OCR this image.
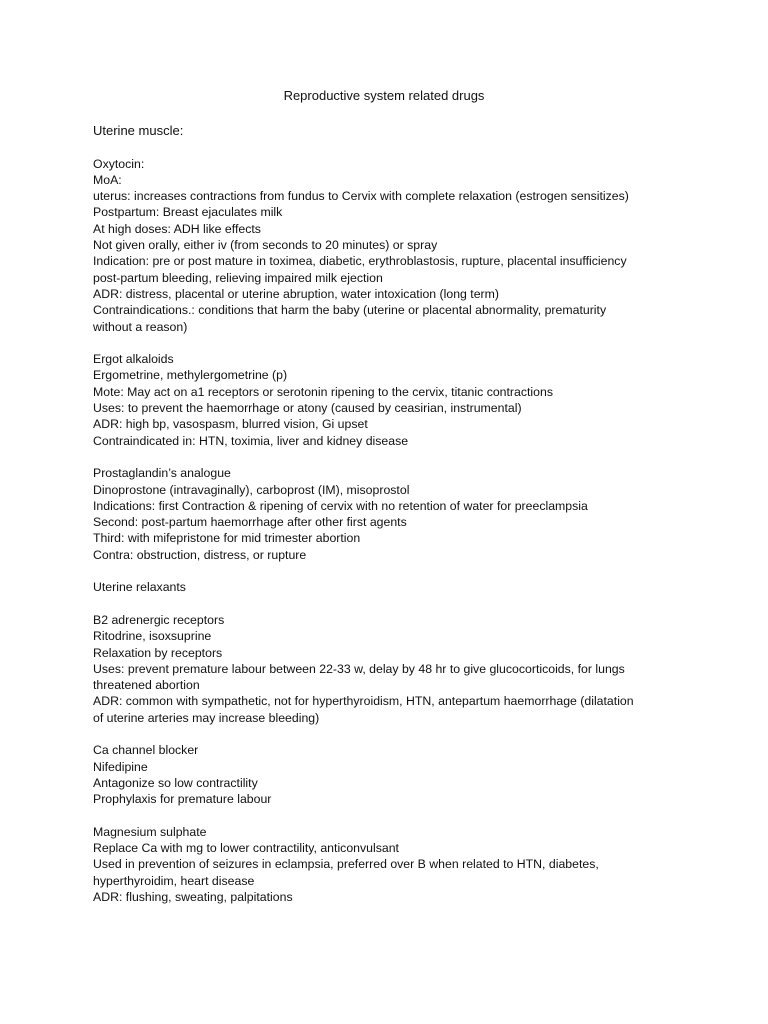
Reproductive system related drugs
Uterine muscle:
Oxytocin:
MoA:
uterus: increases contractions from fundus to Cervix with complete relaxation (estrogen sensitizes)
Postpartum: Breast ejaculates milk
At high doses: ADH like effects
Not given orally, either iv (from seconds to 20 minutes) or spray
Indication: pre or post mature in toximea, diabetic, erythroblastosis, rupture, placental insufficiency
post-partum bleeding, relieving impaired milk ejection
ADR: distress, placental or uterine abruption, water intoxication (long term)
Contraindications.: conditions that harm the baby (uterine or placental abnormality, prematurity
without a reason)
Ergot alkaloids
Ergometrine, methylergometrine (p)
Mote: May act on a1 receptors or serotonin ripening to the cervix, titanic contractions
Uses: to prevent the haemorrhage or atony (caused by ceasirian, instrumental)
ADR: high bp, vasospasm, blurred vision, Gi upset
Contraindicated in: HTN, toximia, liver and kidney disease
Prostaglandin’s analogue
Dinoprostone (intravaginally), carboprost (IM), misoprostol
Indications: first Contraction & ripening of cervix with no retention of water for preeclampsia
Second: post-partum haemorrhage after other first agents
Third: with mifepristone for mid trimester abortion
Contra: obstruction, distress, or rupture
Uterine relaxants
B2 adrenergic receptors
Ritodrine, isoxsuprine
Relaxation by receptors
Uses: prevent premature labour between 22-33 w, delay by 48 hr to give glucocorticoids, for lungs
threatened abortion
ADR: common with sympathetic, not for hyperthyroidism, HTN, antepartum haemorrhage (dilatation
of uterine arteries may increase bleeding)
Ca channel blocker
Nifedipine
Antagonize so low contractility
Prophylaxis for premature labour
Magnesium sulphate
Replace Ca with mg to lower contractility, anticonvulsant
Used in prevention of seizures in eclampsia, preferred over B when related to HTN, diabetes,
hyperthyroidim, heart disease
ADR: flushing, sweating, palpitations
